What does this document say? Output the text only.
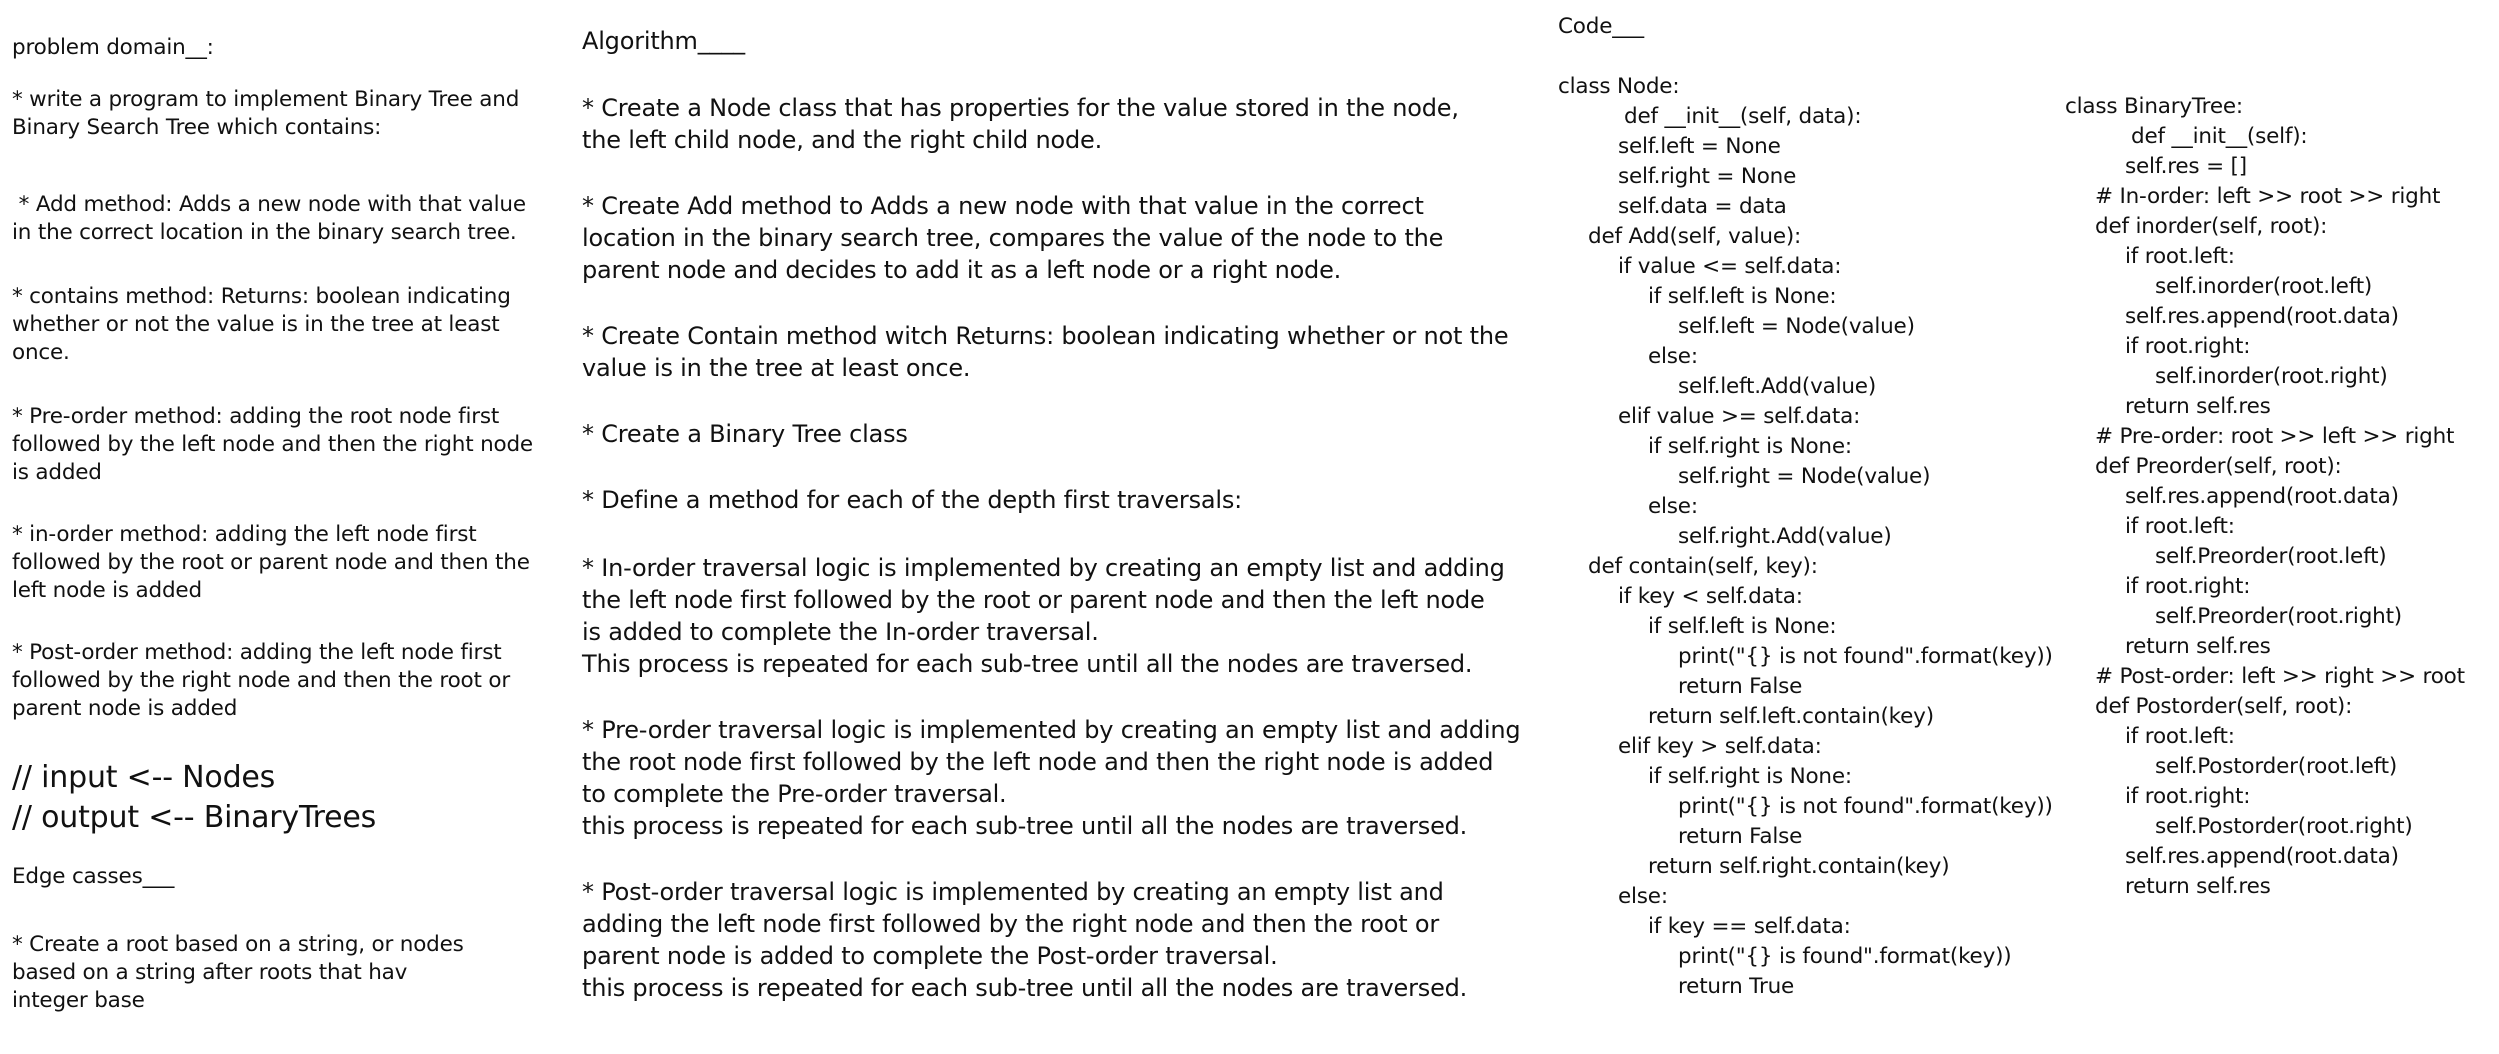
problem domain__:
* write a program to implement Binary Tree and
Binary Search Tree which contains:
* Add method: Adds a new node with that value
in the correct location in the binary search tree.
* contains method: Returns: boolean indicating
whether or not the value is in the tree at least
once.
* Pre-order method: adding the root node first
followed by the left node and then the right node
is added
* in-order method: adding the left node first
followed by the root or parent node and then the
left node is added
* Post-order method: adding the left node first
followed by the right node and then the root or
parent node is added
// input <-- Nodes
// output <-- BinaryTrees
Edge casses___
* Create a root based on a string, or nodes
based on a string after roots that hav
integer base
Algorithm____
* Create a Node class that has properties for the value stored in the node,
the left child node, and the right child node.
* Create Add method to Adds a new node with that value in the correct
location in the binary search tree, compares the value of the node to the
parent node and decides to add it as a left node or a right node.
* Create Contain method witch Returns: boolean indicating whether or not the
value is in the tree at least once.
* Create a Binary Tree class
* Define a method for each of the depth first traversals:
* In-order traversal logic is implemented by creating an empty list and adding
the left node first followed by the root or parent node and then the left node
is added to complete the In-order traversal.
This process is repeated for each sub-tree until all the nodes are traversed.
* Pre-order traversal logic is implemented by creating an empty list and adding
the root node first followed by the left node and then the right node is added
to complete the Pre-order traversal.
this process is repeated for each sub-tree until all the nodes are traversed.
* Post-order traversal logic is implemented by creating an empty list and
adding the left node first followed by the right node and then the root or
parent node is added to complete the Post-order traversal.
this process is repeated for each sub-tree until all the nodes are traversed.
Code___
class Node:
def __init__(self, data):
self.left = None
self.right = None
self.data = data
def Add(self, value):
if value <= self.data:
if self.left is None:
self.left = Node(value)
else:
self.left.Add(value)
elif value >= self.data:
if self.right is None:
self.right = Node(value)
else:
self.right.Add(value)
def contain(self, key):
if key < self.data:
if self.left is None:
print("{} is not found".format(key))
return False
return self.left.contain(key)
elif key > self.data:
if self.right is None:
print("{} is not found".format(key))
return False
return self.right.contain(key)
else:
if key == self.data:
print("{} is found".format(key))
return True
class BinaryTree:
def __init__(self):
self.res = []
# In-order: left >> root >> right
def inorder(self, root):
if root.left:
self.inorder(root.left)
self.res.append(root.data)
if root.right:
self.inorder(root.right)
return self.res
# Pre-order: root >> left >> right
def Preorder(self, root):
self.res.append(root.data)
if root.left:
self.Preorder(root.left)
if root.right:
self.Preorder(root.right)
return self.res
# Post-order: left >> right >> root
def Postorder(self, root):
if root.left:
self.Postorder(root.left)
if root.right:
self.Postorder(root.right)
self.res.append(root.data)
return self.res
